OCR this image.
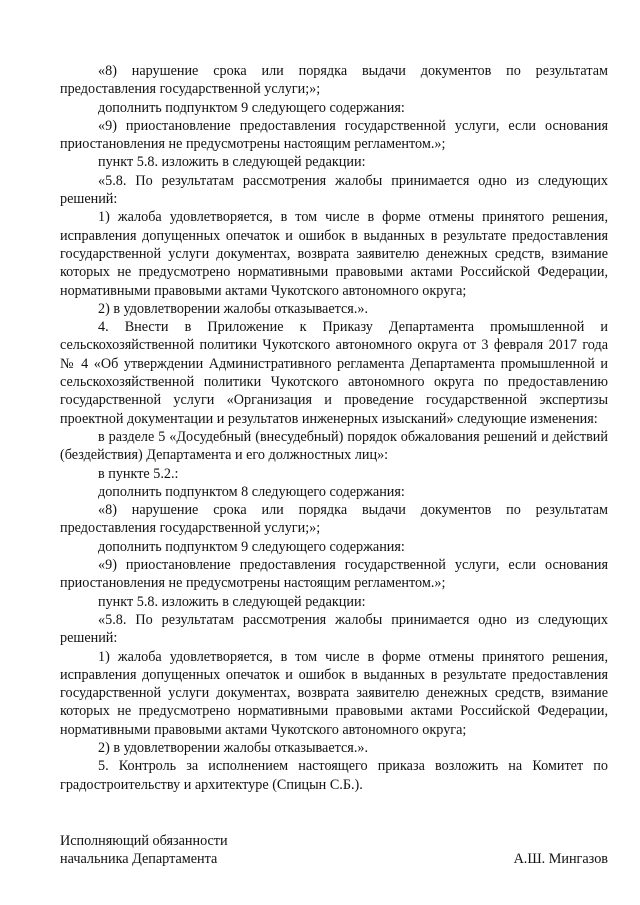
«8) нарушение срока или порядка выдачи документов по результатам предоставления государственной услуги;»;

дополнить подпунктом 9 следующего содержания:

«9) приостановление предоставления государственной услуги, если основания приостановления не предусмотрены настоящим регламентом.»;

пункт 5.8. изложить в следующей редакции:

«5.8. По результатам рассмотрения жалобы принимается одно из следующих решений:

1) жалоба удовлетворяется, в том числе в форме отмены принятого решения, исправления допущенных опечаток и ошибок в выданных в результате предоставления государственной услуги документах, возврата заявителю денежных средств, взимание которых не предусмотрено нормативными правовыми актами Российской Федерации, нормативными правовыми актами Чукотского автономного округа;

2) в удовлетворении жалобы отказывается.».

4. Внести в Приложение к Приказу Департамента промышленной и сельскохозяйственной политики Чукотского автономного округа от 3 февраля 2017 года № 4 «Об утверждении Административного регламента Департамента промышленной и сельскохозяйственной политики Чукотского автономного округа по предоставлению государственной услуги «Организация и проведение государственной экспертизы проектной документации и результатов инженерных изысканий» следующие изменения:

в разделе 5 «Досудебный (внесудебный) порядок обжалования решений и действий (бездействия) Департамента и его должностных лиц»:

в пункте 5.2.:

дополнить подпунктом 8 следующего содержания:

«8) нарушение срока или порядка выдачи документов по результатам предоставления государственной услуги;»;

дополнить подпунктом 9 следующего содержания:

«9) приостановление предоставления государственной услуги, если основания приостановления не предусмотрены настоящим регламентом.»;

пункт 5.8. изложить в следующей редакции:

«5.8. По результатам рассмотрения жалобы принимается одно из следующих решений:

1) жалоба удовлетворяется, в том числе в форме отмены принятого решения, исправления допущенных опечаток и ошибок в выданных в результате предоставления государственной услуги документах, возврата заявителю денежных средств, взимание которых не предусмотрено нормативными правовыми актами Российской Федерации, нормативными правовыми актами Чукотского автономного округа;

2) в удовлетворении жалобы отказывается.».

5. Контроль за исполнением настоящего приказа возложить на Комитет по градостроительству и архитектуре (Спицын С.Б.).

Исполняющий обязанности
начальника Департамента	А.Ш. Мингазов
